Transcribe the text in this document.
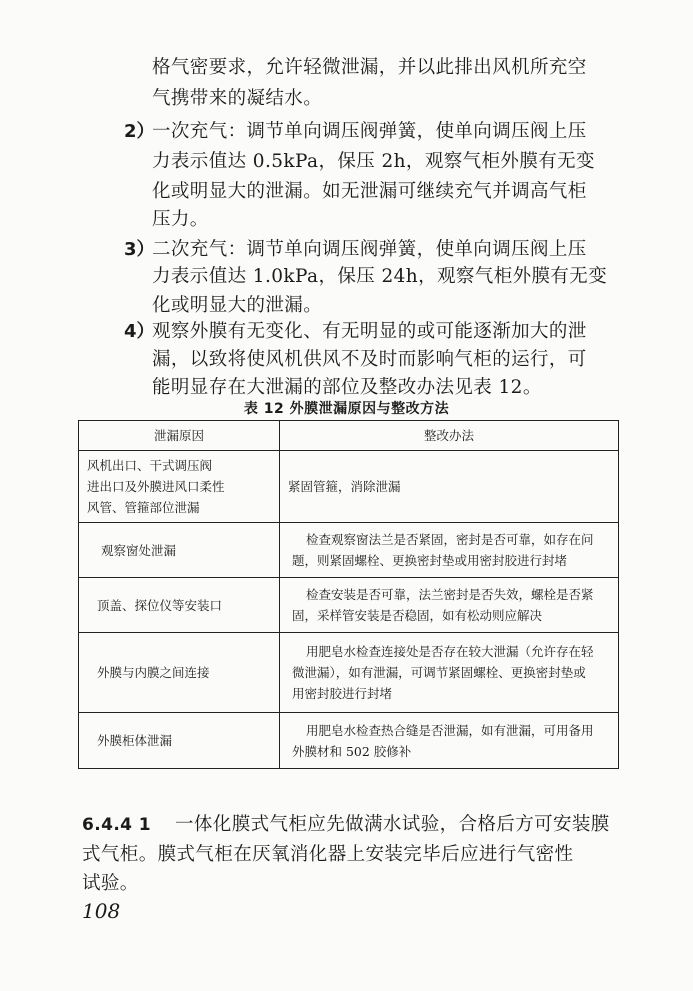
格气密要求，允许轻微泄漏，并以此排出风机所充空
气携带来的凝结水。
2）
一次充气：调节单向调压阀弹簧，使单向调压阀上压
力表示值达 0.5kPa，保压 2h，观察气柜外膜有无变
化或明显大的泄漏。如无泄漏可继续充气并调高气柜
压力。
3）
二次充气：调节单向调压阀弹簧，使单向调压阀上压
力表示值达 1.0kPa，保压 24h，观察气柜外膜有无变
化或明显大的泄漏。
4）
观察外膜有无变化、有无明显的或可能逐渐加大的泄
漏，以致将使风机供风不及时而影响气柜的运行，可
能明显存在大泄漏的部位及整改办法见表 12。
表 12 外膜泄漏原因与整改方法
泄漏原因	整改办法

风机出口、干式调压阀
进出口及外膜进风口柔性
风管、管箍部位泄漏	紧固管箍，消除泄漏

观察窗处泄漏	检查观察窗法兰是否紧固，密封是否可靠，如存在问
题，则紧固螺栓、更换密封垫或用密封胶进行封堵

顶盖、探位仪等安装口	检查安装是否可靠，法兰密封是否失效，螺栓是否紧
固，采样管安装是否稳固，如有松动则应解决

外膜与内膜之间连接	用肥皂水检查连接处是否存在较大泄漏（允许存在轻
微泄漏），如有泄漏，可调节紧固螺栓、更换密封垫或
用密封胶进行封堵

外膜柜体泄漏	用肥皂水检查热合缝是否泄漏，如有泄漏，可用备用
外膜材和 502 胶修补
6.4.4 1 一体化膜式气柜应先做满水试验，合格后方可安装膜
式气柜。膜式气柜在厌氧消化器上安装完毕后应进行气密性
试验。
108
